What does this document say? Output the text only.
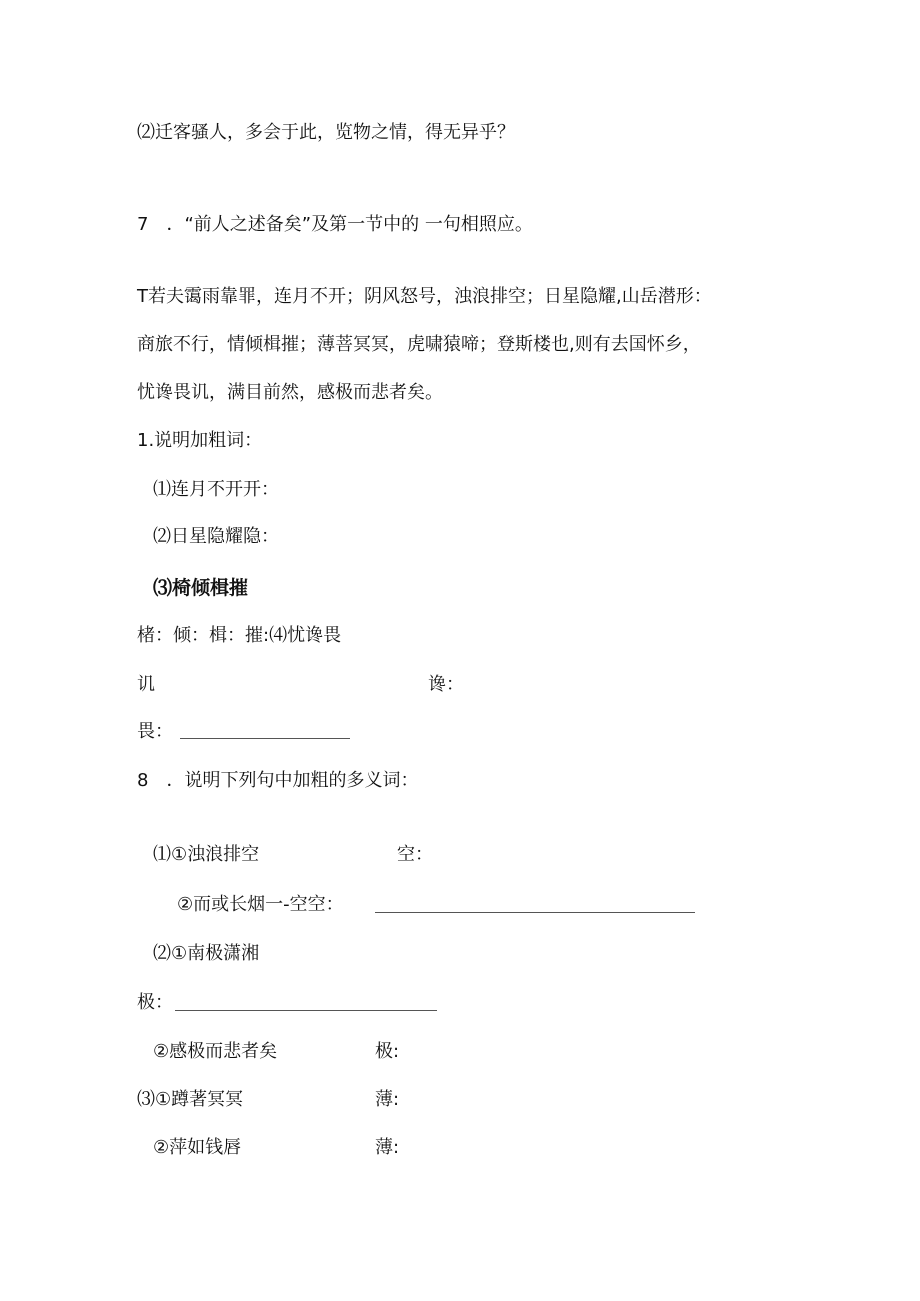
⑵迁客骚人，多会于此，览物之情，得无异乎？
7　．“前人之述备矣”及第一节中的 一句相照应。
T若夫霭雨靠罪，连月不开；阴风怒号，浊浪排空；日星隐耀,山岳潜形：
商旅不行，情倾楫摧；薄菩冥冥，虎啸猿啼；登斯楼也,则有去国怀乡，
忧谗畏讥，满目前然，感极而悲者矣。
1.说明加粗词：
⑴连月不开开：
⑵日星隐耀隐：
⑶椅倾楫摧
楮：倾：楫：摧:⑷忧谗畏
讥	谗：
畏：
8　．说明下列句中加粗的多义词：
⑴①浊浪排空	空：
②而或长烟一-空空：
⑵①南极潇湘
极：
②感极而悲者矣	极:
⑶①蹲著冥冥	薄:
②萍如钱唇	薄:
